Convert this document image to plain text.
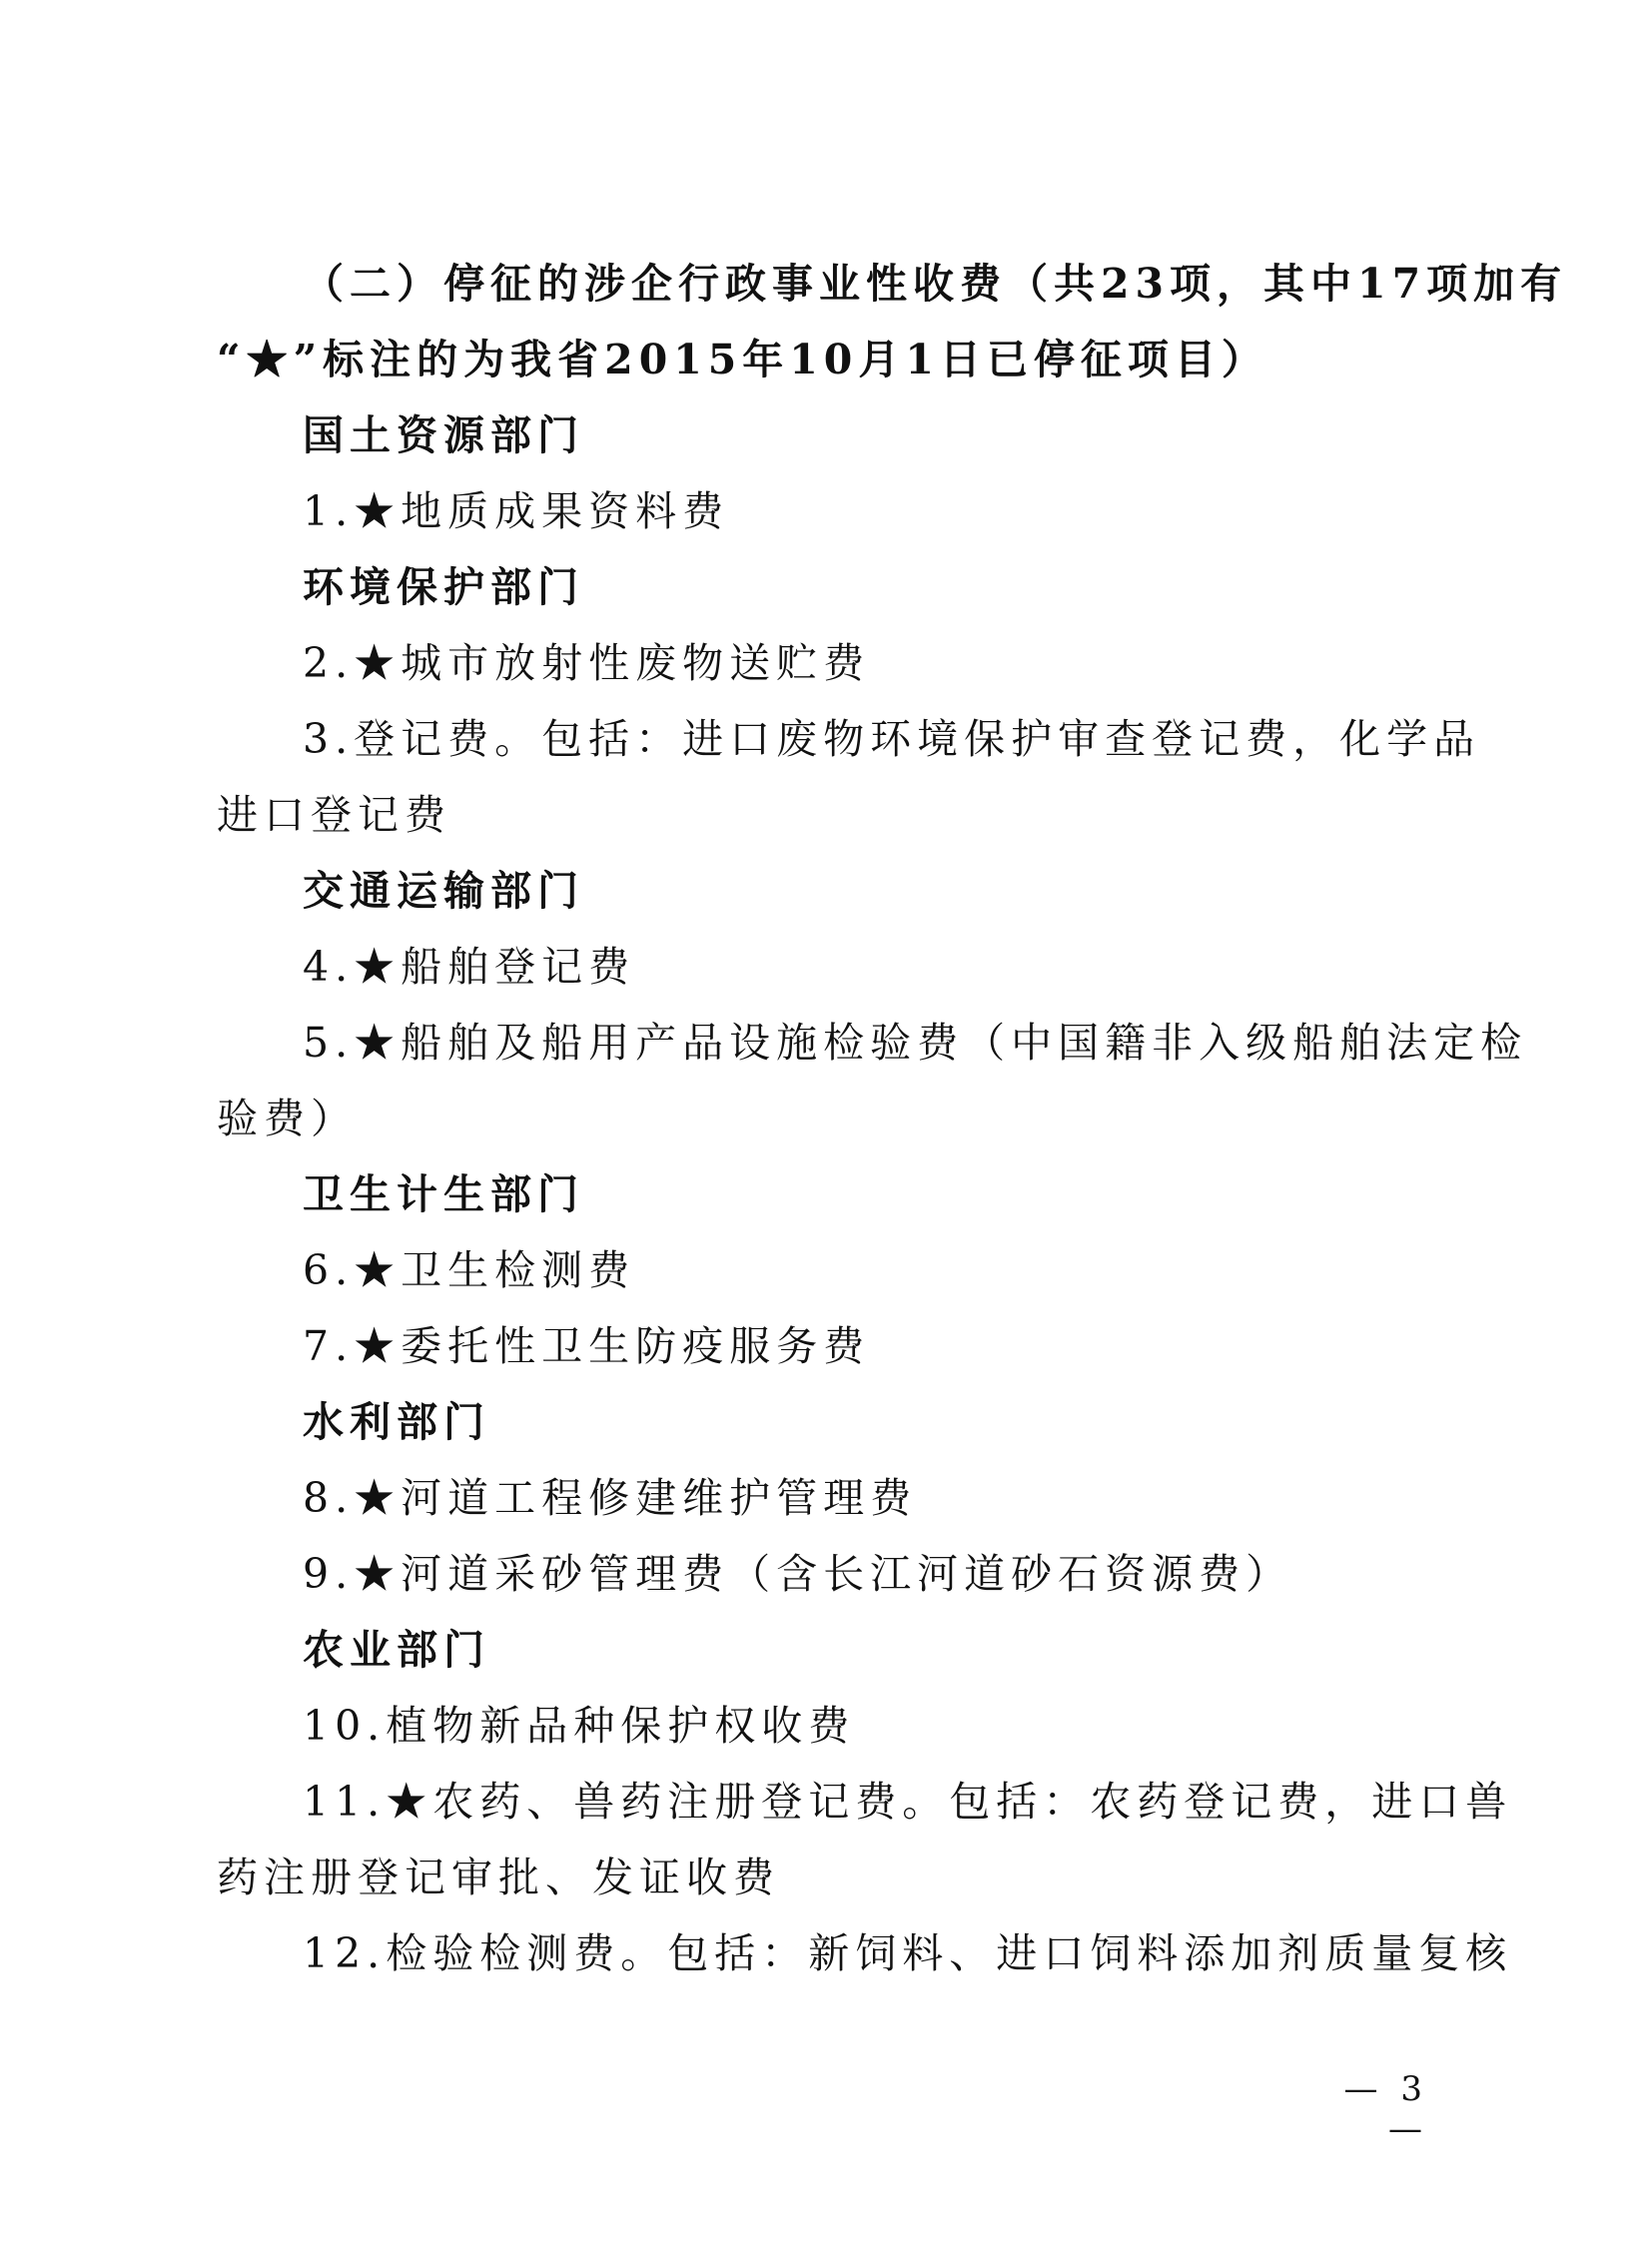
（二）停征的涉企行政事业性收费（共23项，其中17项加有
“★”标注的为我省2015年10月1日已停征项目）
国土资源部门
1.★地质成果资料费
环境保护部门
2.★城市放射性废物送贮费
3.登记费。包括：进口废物环境保护审查登记费，化学品
进口登记费
交通运输部门
4.★船舶登记费
5.★船舶及船用产品设施检验费（中国籍非入级船舶法定检
验费）
卫生计生部门
6.★卫生检测费
7.★委托性卫生防疫服务费
水利部门
8.★河道工程修建维护管理费
9.★河道采砂管理费（含长江河道砂石资源费）
农业部门
10.植物新品种保护权收费
11.★农药、兽药注册登记费。包括：农药登记费，进口兽
药注册登记审批、发证收费
12.检验检测费。包括：新饲料、进口饲料添加剂质量复核
— 3 —
